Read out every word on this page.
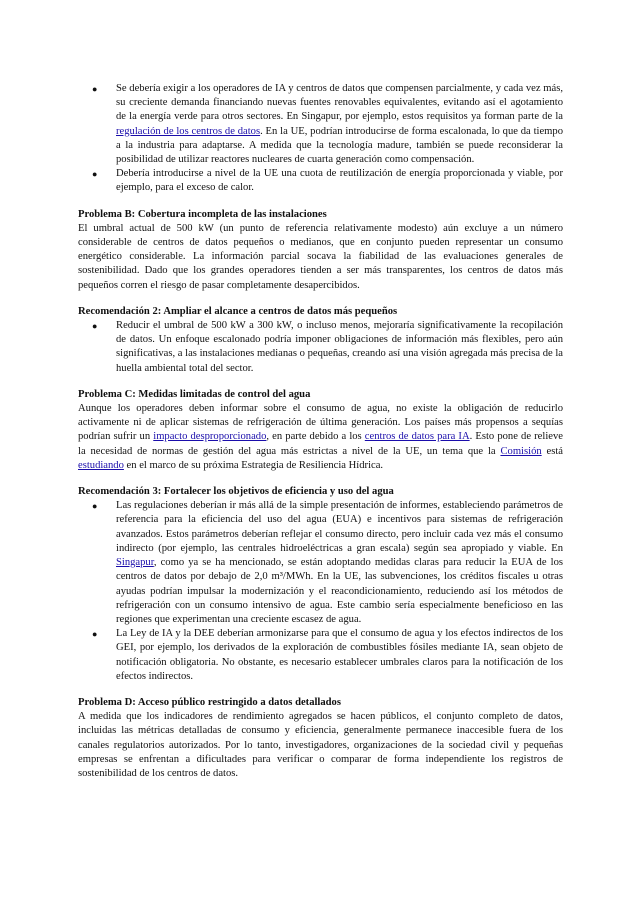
● Se debería exigir a los operadores de IA y centros de datos que compensen parcialmente, y cada vez más, su creciente demanda financiando nuevas fuentes renovables equivalentes, evitando así el agotamiento de la energía verde para otros sectores. En Singapur, por ejemplo, estos requisitos ya forman parte de la regulación de los centros de datos. En la UE, podrían introducirse de forma escalonada, lo que da tiempo a la industria para adaptarse. A medida que la tecnología madure, también se puede reconsiderar la posibilidad de utilizar reactores nucleares de cuarta generación como compensación.
● Debería introducirse a nivel de la UE una cuota de reutilización de energía proporcionada y viable, por ejemplo, para el exceso de calor.
Problema B: Cobertura incompleta de las instalaciones

El umbral actual de 500 kW (un punto de referencia relativamente modesto) aún excluye a un número considerable de centros de datos pequeños o medianos, que en conjunto pueden representar un consumo energético considerable. La información parcial socava la fiabilidad de las evaluaciones generales de sostenibilidad. Dado que los grandes operadores tienden a ser más transparentes, los centros de datos más pequeños corren el riesgo de pasar completamente desapercibidos.

Recomendación 2: Ampliar el alcance a centros de datos más pequeños
● Reducir el umbral de 500 kW a 300 kW, o incluso menos, mejoraría significativamente la recopilación de datos. Un enfoque escalonado podría imponer obligaciones de información más flexibles, pero aún significativas, a las instalaciones medianas o pequeñas, creando así una visión agregada más precisa de la huella ambiental total del sector.
Problema C: Medidas limitadas de control del agua

Aunque los operadores deben informar sobre el consumo de agua, no existe la obligación de reducirlo activamente ni de aplicar sistemas de refrigeración de última generación. Los países más propensos a sequías podrían sufrir un impacto desproporcionado, en parte debido a los centros de datos para IA. Esto pone de relieve la necesidad de normas de gestión del agua más estrictas a nivel de la UE, un tema que la Comisión está estudiando en el marco de su próxima Estrategia de Resiliencia Hídrica.

Recomendación 3: Fortalecer los objetivos de eficiencia y uso del agua
● Las regulaciones deberían ir más allá de la simple presentación de informes, estableciendo parámetros de referencia para la eficiencia del uso del agua (EUA) e incentivos para sistemas de refrigeración avanzados. Estos parámetros deberían reflejar el consumo directo, pero incluir cada vez más el consumo indirecto (por ejemplo, las centrales hidroeléctricas a gran escala) según sea apropiado y viable. En Singapur, como ya se ha mencionado, se están adoptando medidas claras para reducir la EUA de los centros de datos por debajo de 2,0 m³/MWh. En la UE, las subvenciones, los créditos fiscales u otras ayudas podrían impulsar la modernización y el reacondicionamiento, reduciendo así los métodos de refrigeración con un consumo intensivo de agua. Este cambio sería especialmente beneficioso en las regiones que experimentan una creciente escasez de agua.
● La Ley de IA y la DEE deberían armonizarse para que el consumo de agua y los efectos indirectos de los GEI, por ejemplo, los derivados de la exploración de combustibles fósiles mediante IA, sean objeto de notificación obligatoria. No obstante, es necesario establecer umbrales claros para la notificación de los efectos indirectos.
Problema D: Acceso público restringido a datos detallados

A medida que los indicadores de rendimiento agregados se hacen públicos, el conjunto completo de datos, incluidas las métricas detalladas de consumo y eficiencia, generalmente permanece inaccesible fuera de los canales regulatorios autorizados. Por lo tanto, investigadores, organizaciones de la sociedad civil y pequeñas empresas se enfrentan a dificultades para verificar o comparar de forma independiente los registros de sostenibilidad de los centros de datos.
